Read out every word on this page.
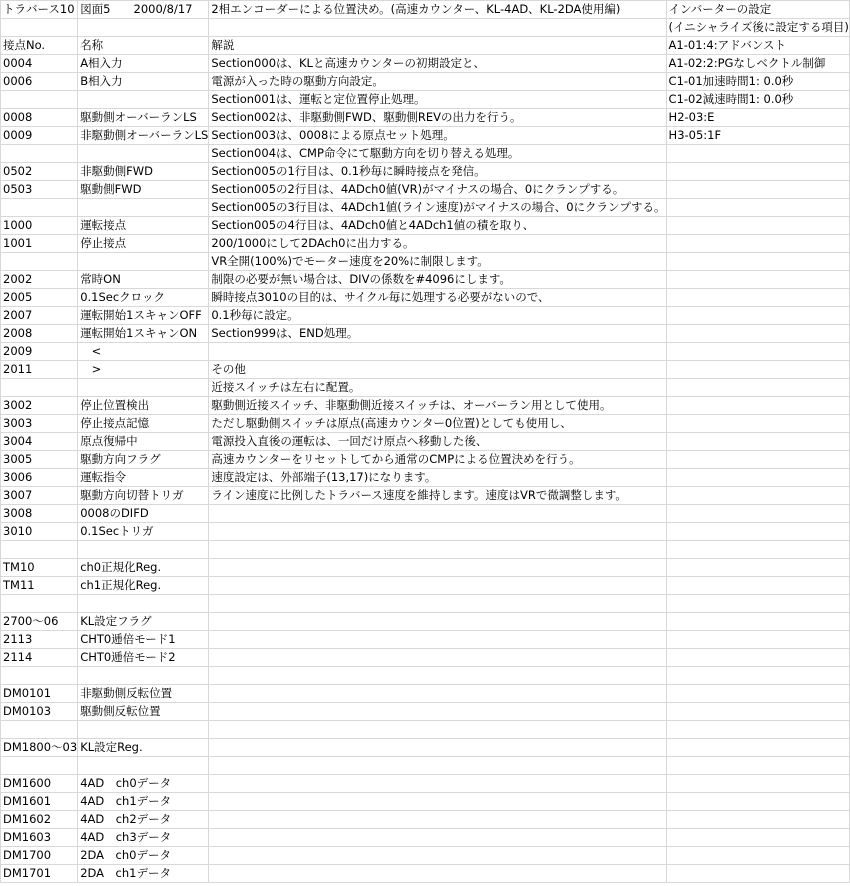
トラバース10	図面5　　2000/8/17	2相エンコーダーによる位置決め。(高速カウンター、KL-4AD、KL-2DA使用編)	インバーターの設定
			(イニシャライズ後に設定する項目)
接点No.	名称	解説	A1-01:4:アドバンスト
0004	A相入力	Section000は、KLと高速カウンターの初期設定と、	A1-02:2:PGなしベクトル制御
0006	B相入力	電源が入った時の駆動方向設定。	C1-01加速時間1: 0.0秒
		Section001は、運転と定位置停止処理。	C1-02減速時間1: 0.0秒
0008	駆動側オーバーランLS	Section002は、非駆動側FWD、駆動側REVの出力を行う。	H2-03:E
0009	非駆動側オーバーランLS	Section003は、0008による原点セット処理。	H3-05:1F
		Section004は、CMP命令にて駆動方向を切り替える処理。	
0502	非駆動側FWD	Section005の1行目は、0.1秒毎に瞬時接点を発信。	
0503	駆動側FWD	Section005の2行目は、4ADch0値(VR)がマイナスの場合、0にクランプする。	
		Section005の3行目は、4ADch1値(ライン速度)がマイナスの場合、0にクランプする。	
1000	運転接点	Section005の4行目は、4ADch0値と4ADch1値の積を取り、	
1001	停止接点	200/1000にして2DAch0に出力する。	
		VR全開(100%)でモーター速度を20%に制限します。	
2002	常時ON	制限の必要が無い場合は、DIVの係数を#4096にします。	
2005	0.1Secクロック	瞬時接点3010の目的は、サイクル毎に処理する必要がないので、	
2007	運転開始1スキャンOFF	0.1秒毎に設定。	
2008	運転開始1スキャンON	Section999は、END処理。	
2009	　<		
2011	　>	その他	
		近接スイッチは左右に配置。	
3002	停止位置検出	駆動側近接スイッチ、非駆動側近接スイッチは、オーバーラン用として使用。	
3003	停止接点記憶	ただし駆動側スイッチは原点(高速カウンター0位置)としても使用し、	
3004	原点復帰中	電源投入直後の運転は、一回だけ原点へ移動した後、	
3005	駆動方向フラグ	高速カウンターをリセットしてから通常のCMPによる位置決めを行う。	
3006	運転指令	速度設定は、外部端子(13,17)になります。	
3007	駆動方向切替トリガ	ライン速度に比例したトラバース速度を維持します。速度はVRで微調整します。	
3008	0008のDIFD		
3010	0.1Secトリガ		

TM10	ch0正規化Reg.		
TM11	ch1正規化Reg.		

2700～06	KL設定フラグ		
2113	CHT0逓倍モード1		
2114	CHT0逓倍モード2		

DM0101	非駆動側反転位置		
DM0103	駆動側反転位置		

DM1800～03	KL設定Reg.		

DM1600	4AD　ch0データ		
DM1601	4AD　ch1データ		
DM1602	4AD　ch2データ		
DM1603	4AD　ch3データ		
DM1700	2DA　ch0データ		
DM1701	2DA　ch1データ		
